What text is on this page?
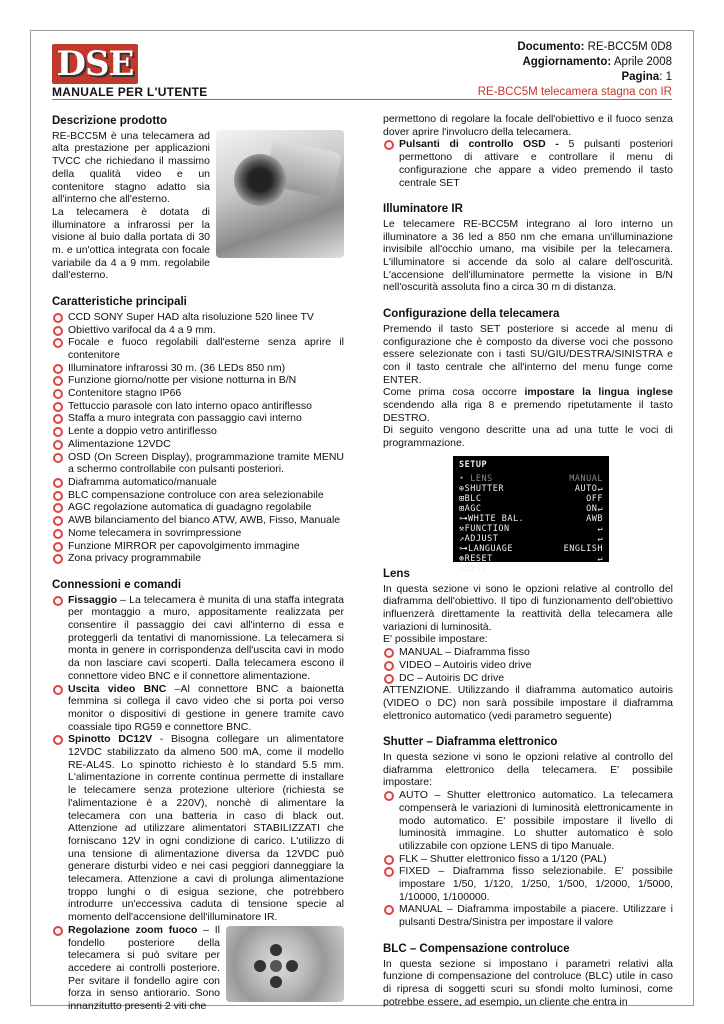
DSE
MANUALE PER L'UTENTE
Documento: RE-BCC5M 0D8
Aggiornamento: Aprile 2008
Pagina: 1
RE-BCC5M telecamera stagna con IR
Descrizione prodotto

RE-BCC5M è una telecamera ad alta prestazione per applicazioni TVCC che richiedano il massimo della qualità video e un contenitore stagno adatto sia all'interno che all'esterno.

La telecamera è dotata di illuminatore a infrarossi per la visione al buio dalla portata di 30 m. e un'ottica integrata con focale variabile da 4 a 9 mm. regolabile dall'esterno.

Caratteristiche principali
CCD SONY Super HAD alta risoluzione 520 linee TV
Obiettivo varifocal da 4 a 9 mm.
Focale e fuoco regolabili dall'esterne senza aprire il contenitore
Illuminatore infrarossi 30 m. (36 LEDs 850 nm)
Funzione giorno/notte per visione notturna in B/N
Contenitore stagno IP66
Tettuccio parasole con lato interno opaco antiriflesso
Staffa a muro integrata con passaggio cavi interno
Lente a doppio vetro antiriflesso
Alimentazione 12VDC
OSD (On Screen Display), programmazione tramite MENU a schermo controllabile con pulsanti posteriori.
Diaframma automatico/manuale
BLC compensazione controluce con area selezionabile
AGC regolazione automatica di guadagno regolabile
AWB bilanciamento del bianco ATW, AWB, Fisso, Manuale
Nome telecamera in sovrimpressione
Funzione MIRROR per capovolgimento immagine
Zona privacy programmabile
Connessioni e comandi
Fissaggio – La telecamera è munita di una staffa integrata per montaggio a muro, appositamente realizzata per consentire il passaggio dei cavi all'interno di essa e proteggerli da tentativi di manomissione. La telecamera si monta in genere in corrispondenza dell'uscita cavi in modo da non lasciare cavi scoperti. Dalla telecamera escono il connettore video BNC e il connettore alimentazione.
Uscita video BNC –Al connettore BNC a baionetta femmina si collega il cavo video che si porta poi verso monitor o dispositivi di gestione in genere tramite cavo coassiale tipo RG59 e connettore BNC.
Spinotto DC12V - Bisogna collegare un alimentatore 12VDC stabilizzato da almeno 500 mA, come il modello RE-AL4S. Lo spinotto richiesto è lo standard 5.5 mm. L'alimentazione in corrente continua permette di installare le telecamere senza protezione ulteriore (richiesta se l'alimentazione è a 220V), nonchè di alimentare la telecamera con una batteria in caso di black out. Attenzione ad utilizzare alimentatori STABILIZZATI che forniscano 12V in ogni condizione di carico. L'utilizzo di una tensione di alimentazione diversa da 12VDC può generare disturbi video e nei casi peggiori danneggiare la telecamera. Attenzione a cavi di prolunga alimentazione troppo lunghi o di esigua sezione, che potrebbero introdurre un'eccessiva caduta di tensione specie al momento dell'accensione dell'illuminatore IR.
Regolazione zoom fuoco – Il fondello posteriore della telecamera si può svitare per accedere ai controlli posteriore. Per svitare il fondello agire con forza in senso antiorario. Sono innanzitutto presenti 2 viti che

permettono di regolare la focale dell'obiettivo e il fuoco senza dover aprire l'involucro della telecamera.

Pulsanti di controllo OSD - 5 pulsanti posteriori permettono di attivare e controllare il menu di configurazione che appare a video premendo il tasto centrale SET
Illuminatore IR

Le telecamere RE-BCC5M integrano al loro interno un illuminatore a 36 led a 850 nm che emana un'illuminazione invisibile all'occhio umano, ma visibile per la telecamera. L'illuminatore si accende da solo al calare dell'oscurità. L'accensione dell'illuminatore permette la visione in B/N nell'oscurità assoluta fino a circa 30 m di distanza.

Configurazione della telecamera

Premendo il tasto SET posteriore si accede al menu di configurazione che è composto da diverse voci che possono essere selezionate con i tasti SU/GIU/DESTRA/SINISTRA e con il tasto centrale che all'interno del menu funge come ENTER.

Come prima cosa occorre impostare la lingua inglese scendendo alla riga 8 e premendo ripetutamente il tasto DESTRO.

Di seguito vengono descritte una ad una tutte le voci di programmazione.

SETUP
• LENS	MANUAL
⊕SHUTTER	AUTO↵
⊞BLC	OFF
⊞AGC	ON↵
⊶WHITE BAL.	AWB
⚒FUNCTION	↵
↗ADJUST	↵
⊶LANGUAGE	ENGLISH
⊛RESET	↵
↗EXIT
Lens

In questa sezione vi sono le opzioni relative al controllo del diaframma dell'obiettivo. Il tipo di funzionamento dell'obiettivo influenzerà direttamente la reattività della telecamera alle variazioni di luminosità.

E' possibile impostare:

MANUAL – Diaframma fisso
VIDEO – Autoiris video drive
DC – Autoiris DC drive

ATTENZIONE. Utilizzando il diaframma automatico autoiris (VIDEO o DC) non sarà possibile impostare il diaframma elettronico automatico (vedi parametro seguente)

Shutter – Diaframma elettronico

In questa sezione vi sono le opzioni relative al controllo del diaframma elettronico della telecamera. E' possibile impostare:

AUTO – Shutter elettronico automatico. La telecamera compenserà le variazioni di luminosità elettronicamente in modo automatico. E' possibile impostare il livello di luminosità immagine. Lo shutter automatico è solo utilizzabile con opzione LENS di tipo Manuale.
FLK – Shutter elettronico fisso a 1/120 (PAL)
FIXED – Diaframma fisso selezionabile. E' possibile impostare 1/50, 1/120, 1/250, 1/500, 1/2000, 1/5000, 1/10000, 1/100000.
MANUAL – Diaframma impostabile a piacere. Utilizzare i pulsanti Destra/Sinistra per impostare il valore
BLC – Compensazione controluce

In questa sezione si impostano i parametri relativi alla funzione di compensazione del controluce (BLC) utile in caso di ripresa di soggetti scuri su sfondi molto luminosi, come potrebbe essere, ad esempio, un cliente che entra in
